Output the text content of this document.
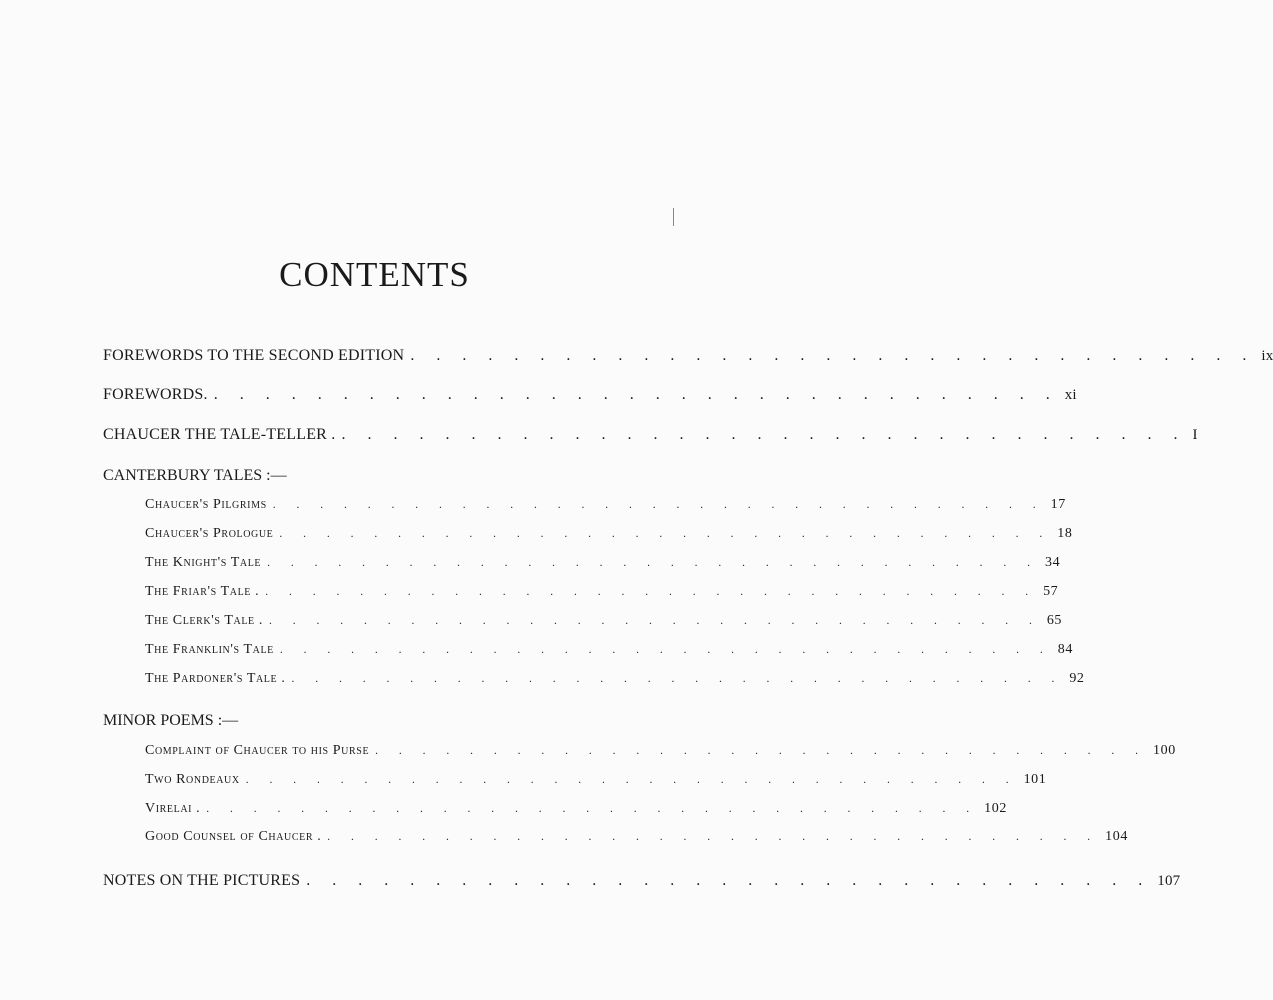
CONTENTS
FOREWORDS TO THE SECOND EDITION . . . . . . . . . . . . . . . . . . . . . . . . . . . . . . . . . ix
FOREWORDS. . . . . . . . . . . . . . . . . . . . . . . . . . . . . . . . . . xi
CHAUCER THE TALE-TELLER . . . . . . . . . . . . . . . . . . . . . . . . . . . . . . . . . . I
CANTERBURY TALES :—
Chaucer's Pilgrims . . . . . . . . . . . . . . . . . . . . . . . . . . . . . . . . . 17
Chaucer's Prologue . . . . . . . . . . . . . . . . . . . . . . . . . . . . . . . . . 18
The Knight's Tale . . . . . . . . . . . . . . . . . . . . . . . . . . . . . . . . . 34
The Friar's Tale . . . . . . . . . . . . . . . . . . . . . . . . . . . . . . . . . . 57
The Clerk's Tale . . . . . . . . . . . . . . . . . . . . . . . . . . . . . . . . . . 65
The Franklin's Tale . . . . . . . . . . . . . . . . . . . . . . . . . . . . . . . . . 84
The Pardoner's Tale . . . . . . . . . . . . . . . . . . . . . . . . . . . . . . . . . . 92
MINOR POEMS :—
Complaint of Chaucer to his Purse . . . . . . . . . . . . . . . . . . . . . . . . . . . . . . . . . 100
Two Rondeaux . . . . . . . . . . . . . . . . . . . . . . . . . . . . . . . . . 101
Virelai . . . . . . . . . . . . . . . . . . . . . . . . . . . . . . . . . . 102
Good Counsel of Chaucer . . . . . . . . . . . . . . . . . . . . . . . . . . . . . . . . . . 104
NOTES ON THE PICTURES . . . . . . . . . . . . . . . . . . . . . . . . . . . . . . . . . 107
